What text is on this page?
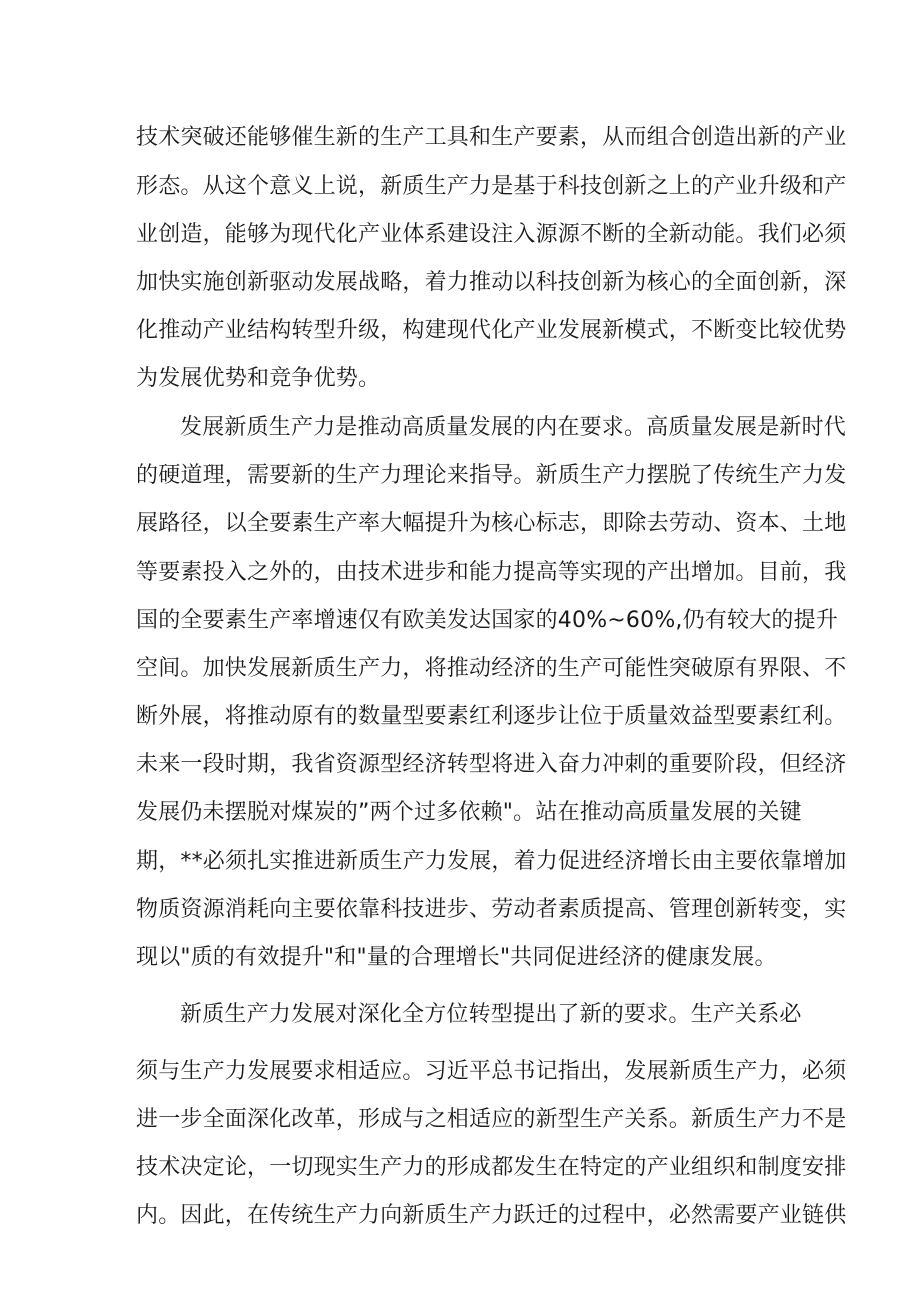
技术突破还能够催生新的生产工具和生产要素，从而组合创造出新的产业
形态。从这个意义上说，新质生产力是基于科技创新之上的产业升级和产
业创造，能够为现代化产业体系建设注入源源不断的全新动能。我们必须
加快实施创新驱动发展战略，着力推动以科技创新为核心的全面创新，深
化推动产业结构转型升级，构建现代化产业发展新模式，不断变比较优势
为发展优势和竞争优势。
发展新质生产力是推动高质量发展的内在要求。高质量发展是新时代
的硬道理，需要新的生产力理论来指导。新质生产力摆脱了传统生产力发
展路径，以全要素生产率大幅提升为核心标志，即除去劳动、资本、土地
等要素投入之外的，由技术进步和能力提高等实现的产出增加。目前，我
国的全要素生产率增速仅有欧美发达国家的40%~60%,仍有较大的提升
空间。加快发展新质生产力，将推动经济的生产可能性突破原有界限、不
断外展，将推动原有的数量型要素红利逐步让位于质量效益型要素红利。
未来一段时期，我省资源型经济转型将进入奋力冲刺的重要阶段，但经济
发展仍未摆脱对煤炭的”两个过多依赖"。站在推动高质量发展的关键
期，**必须扎实推进新质生产力发展，着力促进经济增长由主要依靠增加
物质资源消耗向主要依靠科技进步、劳动者素质提高、管理创新转变，实
现以"质的有效提升"和"量的合理增长"共同促进经济的健康发展。
新质生产力发展对深化全方位转型提出了新的要求。生产关系必
须与生产力发展要求相适应。习近平总书记指出，发展新质生产力，必须
进一步全面深化改革，形成与之相适应的新型生产关系。新质生产力不是
技术决定论，一切现实生产力的形成都发生在特定的产业组织和制度安排
内。因此，在传统生产力向新质生产力跃迁的过程中，必然需要产业链供
